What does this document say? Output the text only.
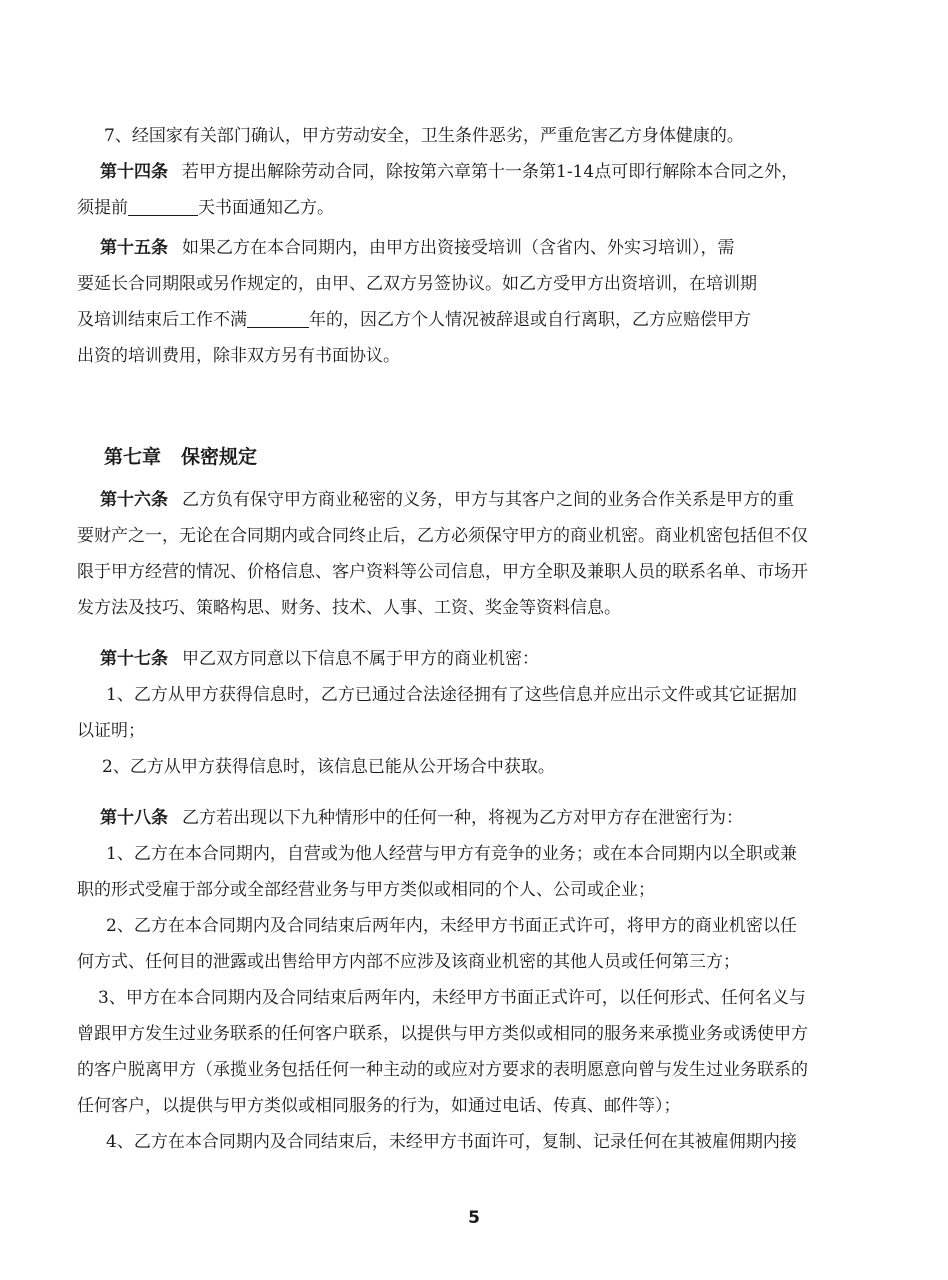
7、经国家有关部门确认，甲方劳动安全，卫生条件恶劣，严重危害乙方身体健康的。

第十四条 若甲方提出解除劳动合同，除按第六章第十一条第1-14点可即行解除本合同之外，
须提前	天书面通知乙方。

第十五条 如果乙方在本合同期内，由甲方出资接受培训（含省内、外实习培训），需
要延长合同期限或另作规定的，由甲、乙双方另签协议。如乙方受甲方出资培训，在培训期
及培训结束后工作不满	年的，因乙方个人情况被辞退或自行离职，乙方应赔偿甲方
出资的培训费用，除非双方另有书面协议。

第七章 保密规定

第十六条 乙方负有保守甲方商业秘密的义务，甲方与其客户之间的业务合作关系是甲方的重
要财产之一，无论在合同期内或合同终止后，乙方必须保守甲方的商业机密。商业机密包括但不仅
限于甲方经营的情况、价格信息、客户资料等公司信息，甲方全职及兼职人员的联系名单、市场开
发方法及技巧、策略构思、财务、技术、人事、工资、奖金等资料信息。

第十七条 甲乙双方同意以下信息不属于甲方的商业机密：
1、乙方从甲方获得信息时，乙方已通过合法途径拥有了这些信息并应出示文件或其它证据加
以证明；
2、乙方从甲方获得信息时，该信息已能从公开场合中获取。

第十八条 乙方若出现以下九种情形中的任何一种，将视为乙方对甲方存在泄密行为：
1、乙方在本合同期内，自营或为他人经营与甲方有竞争的业务；或在本合同期内以全职或兼
职的形式受雇于部分或全部经营业务与甲方类似或相同的个人、公司或企业；
2、乙方在本合同期内及合同结束后两年内，未经甲方书面正式许可，将甲方的商业机密以任
何方式、任何目的泄露或出售给甲方内部不应涉及该商业机密的其他人员或任何第三方；
3、甲方在本合同期内及合同结束后两年内，未经甲方书面正式许可，以任何形式、任何名义与
曾跟甲方发生过业务联系的任何客户联系，以提供与甲方类似或相同的服务来承揽业务或诱使甲方
的客户脱离甲方（承揽业务包括任何一种主动的或应对方要求的表明愿意向曾与发生过业务联系的
任何客户，以提供与甲方类似或相同服务的行为，如通过电话、传真、邮件等）；
4、乙方在本合同期内及合同结束后，未经甲方书面许可，复制、记录任何在其被雇佣期内接

5
